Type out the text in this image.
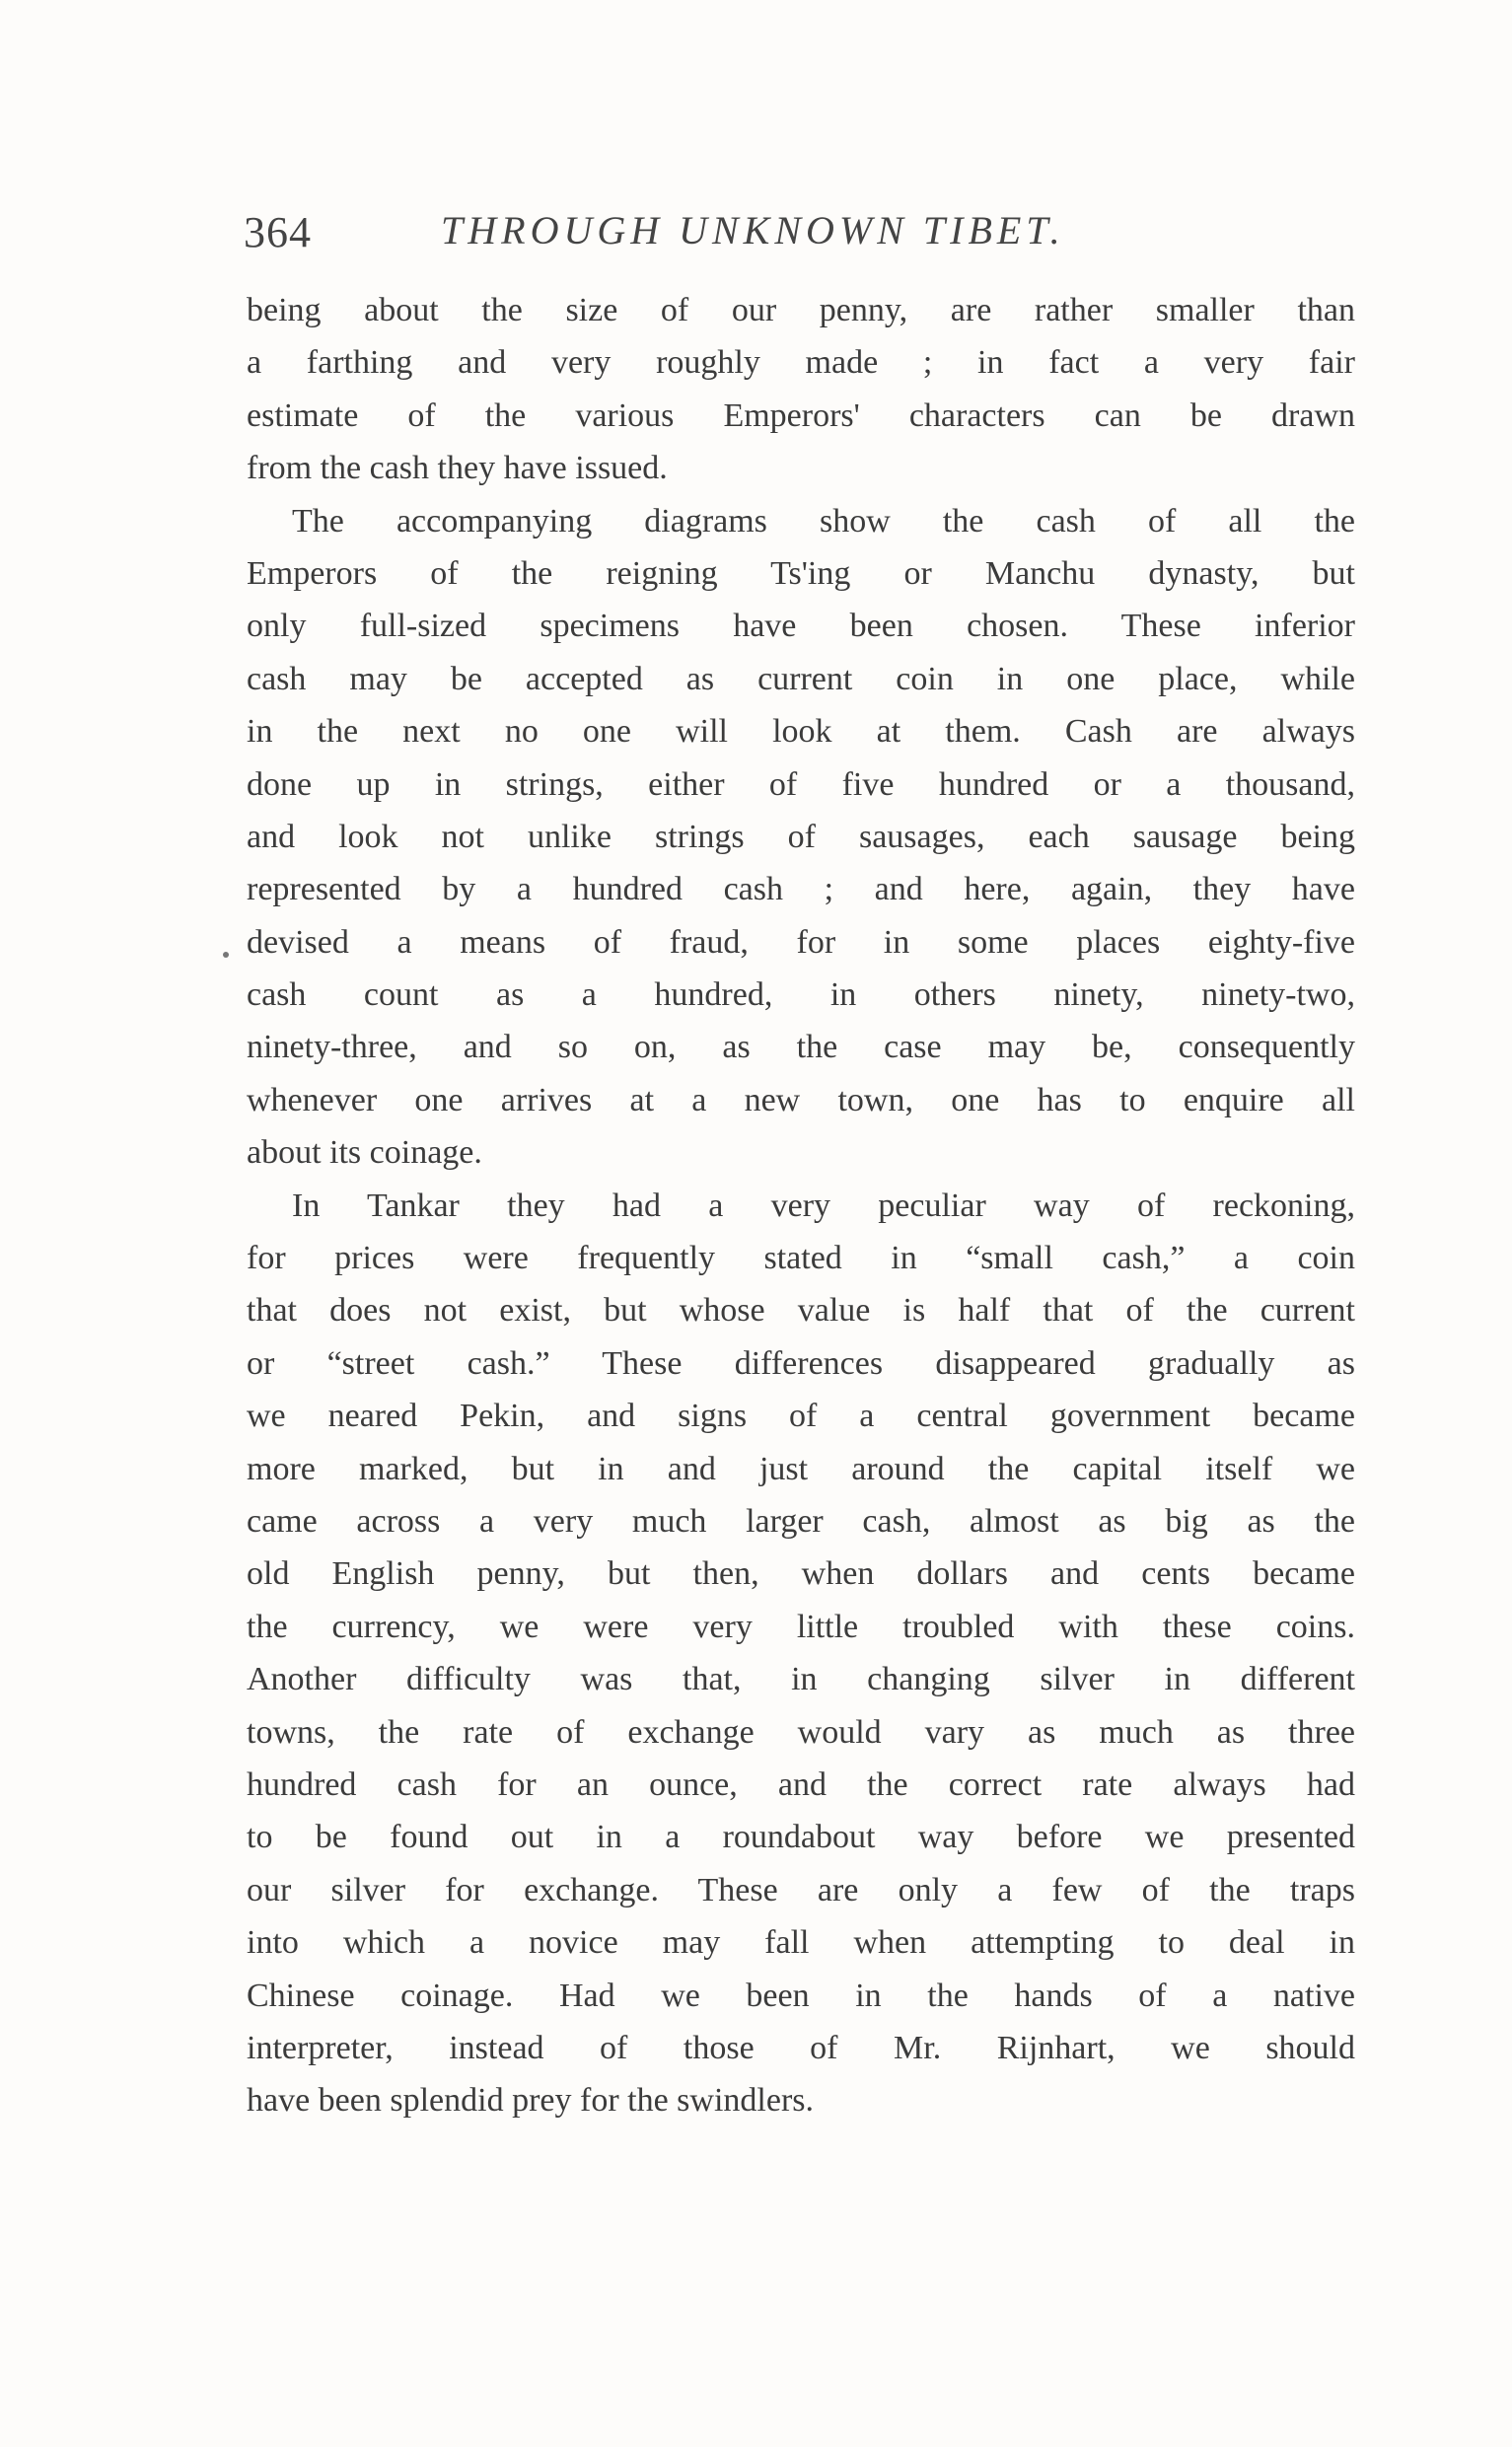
364	THROUGH UNKNOWN TIBET.
being about the size of our penny, are rather smaller than
a farthing and very roughly made ; in fact a very fair
estimate of the various Emperors' characters can be drawn
from the cash they have issued.
The accompanying diagrams show the cash of all the
Emperors of the reigning Ts'ing or Manchu dynasty, but
only full-sized specimens have been chosen. These inferior
cash may be accepted as current coin in one place, while
in the next no one will look at them. Cash are always
done up in strings, either of five hundred or a thousand,
and look not unlike strings of sausages, each sausage being
represented by a hundred cash ; and here, again, they have
devised a means of fraud, for in some places eighty-five
cash count as a hundred, in others ninety, ninety-two,
ninety-three, and so on, as the case may be, consequently
whenever one arrives at a new town, one has to enquire all
about its coinage.
In Tankar they had a very peculiar way of reckoning,
for prices were frequently stated in “small cash,” a coin
that does not exist, but whose value is half that of the current
or “street cash.” These differences disappeared gradually as
we neared Pekin, and signs of a central government became
more marked, but in and just around the capital itself we
came across a very much larger cash, almost as big as the
old English penny, but then, when dollars and cents became
the currency, we were very little troubled with these coins.
Another difficulty was that, in changing silver in different
towns, the rate of exchange would vary as much as three
hundred cash for an ounce, and the correct rate always had
to be found out in a roundabout way before we presented
our silver for exchange. These are only a few of the traps
into which a novice may fall when attempting to deal in
Chinese coinage. Had we been in the hands of a native
interpreter, instead of those of Mr. Rijnhart, we should
have been splendid prey for the swindlers.
